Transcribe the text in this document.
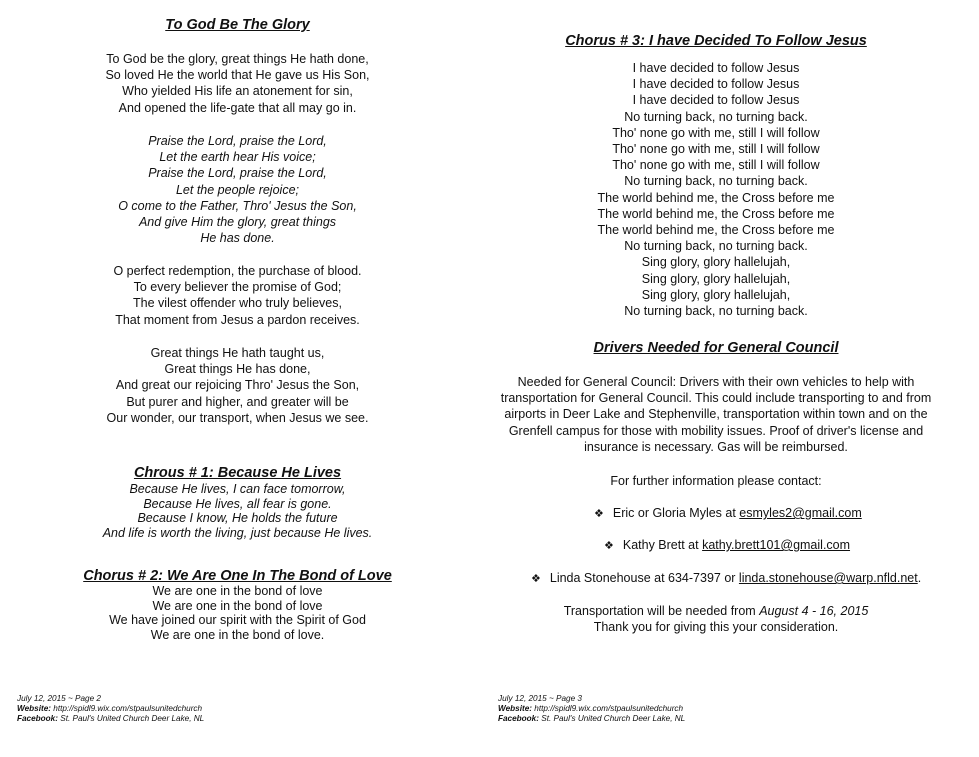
To God Be The Glory
To God be the glory, great things He hath done,
So loved He the world that He gave us His Son,
Who yielded His life an atonement for sin,
And opened the life-gate that all may go in.
Praise the Lord, praise the Lord,
Let the earth hear His voice;
Praise the Lord, praise the Lord,
Let the people rejoice;
O come to the Father, Thro' Jesus the Son,
And give Him the glory, great things
He has done.
O perfect redemption, the purchase of blood.
To every believer the promise of God;
The vilest offender who truly believes,
That moment from Jesus a pardon receives.
Great things He hath taught us,
Great things He has done,
And great our rejoicing Thro' Jesus the Son,
But purer and higher, and greater will be
Our wonder, our transport, when Jesus we see.
Chrous # 1: Because He Lives
Because He lives, I can face tomorrow,
Because He lives, all fear is gone.
Because I know, He holds the future
And life is worth the living, just because He lives.
Chorus # 2: We Are One In The Bond of Love
We are one in the bond of love
We are one in the bond of love
We have joined our spirit with the Spirit of God
We are one in the bond of love.
July 12, 2015 ~ Page 2
Website: http://spidl9.wix.com/stpaulsunitedchurch
Facebook: St. Paul's United Church Deer Lake, NL
Chorus # 3: I have Decided To Follow Jesus
I have decided to follow Jesus
I have decided to follow Jesus
I have decided to follow Jesus
No turning back, no turning back.
Tho' none go with me, still I will follow
Tho' none go with me, still I will follow
Tho' none go with me, still I will follow
No turning back, no turning back.
The world behind me, the Cross before me
The world behind me, the Cross before me
The world behind me, the Cross before me
No turning back, no turning back.
Sing glory, glory hallelujah,
Sing glory, glory hallelujah,
Sing glory, glory hallelujah,
No turning back, no turning back.
Drivers Needed for General Council
Needed for General Council: Drivers with their own vehicles to help with
transportation for General Council. This could include transporting to and from
airports in Deer Lake and Stephenville, transportation within town and on the
Grenfell campus for those with mobility issues. Proof of driver's license and
insurance is necessary. Gas will be reimbursed.
For further information please contact:
❖ Eric or Gloria Myles at esmyles2@gmail.com
❖ Kathy Brett at kathy.brett101@gmail.com
❖ Linda Stonehouse at 634-7397 or linda.stonehouse@warp.nfld.net.
Transportation will be needed from August 4 - 16, 2015
Thank you for giving this your consideration.
July 12, 2015 ~ Page 3
Website: http://spidl9.wix.com/stpaulsunitedchurch
Facebook: St. Paul's United Church Deer Lake, NL
